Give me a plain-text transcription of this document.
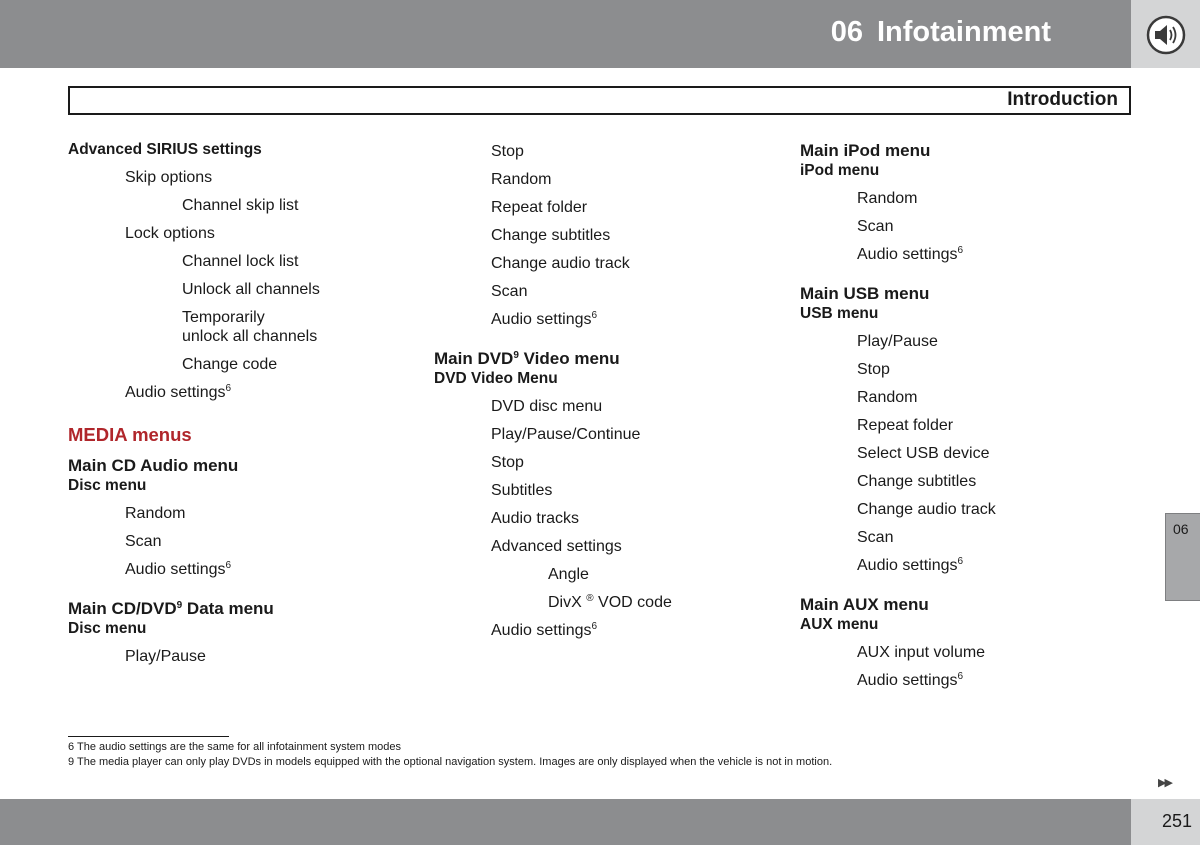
06 Infotainment
Introduction
Advanced SIRIUS settings
Skip options
Channel skip list
Lock options
Channel lock list
Unlock all channels
Temporarily
unlock all channels
Change code
Audio settings$^6$
MEDIA menus
Main CD Audio menu
Disc menu
Random
Scan
Audio settings$^6$
Main CD/DVD$^9$ Data menu
Disc menu
Play/Pause
Stop
Random
Repeat folder
Change subtitles
Change audio track
Scan
Audio settings$^6$
Main DVD$^9$ Video menu
DVD Video Menu
DVD disc menu
Play/Pause/Continue
Stop
Subtitles
Audio tracks
Advanced settings
Angle
DivX ® VOD code
Audio settings$^6$
Main iPod menu
iPod menu
Random
Scan
Audio settings$^6$
Main USB menu
USB menu
Play/Pause
Stop
Random
Repeat folder
Select USB device
Change subtitles
Change audio track
Scan
Audio settings$^6$
Main AUX menu
AUX menu
AUX input volume
Audio settings$^6$
6 The audio settings are the same for all infotainment system modes
9 The media player can only play DVDs in models equipped with the optional navigation system. Images are only displayed when the vehicle is not in motion.
06
▶▶
251
